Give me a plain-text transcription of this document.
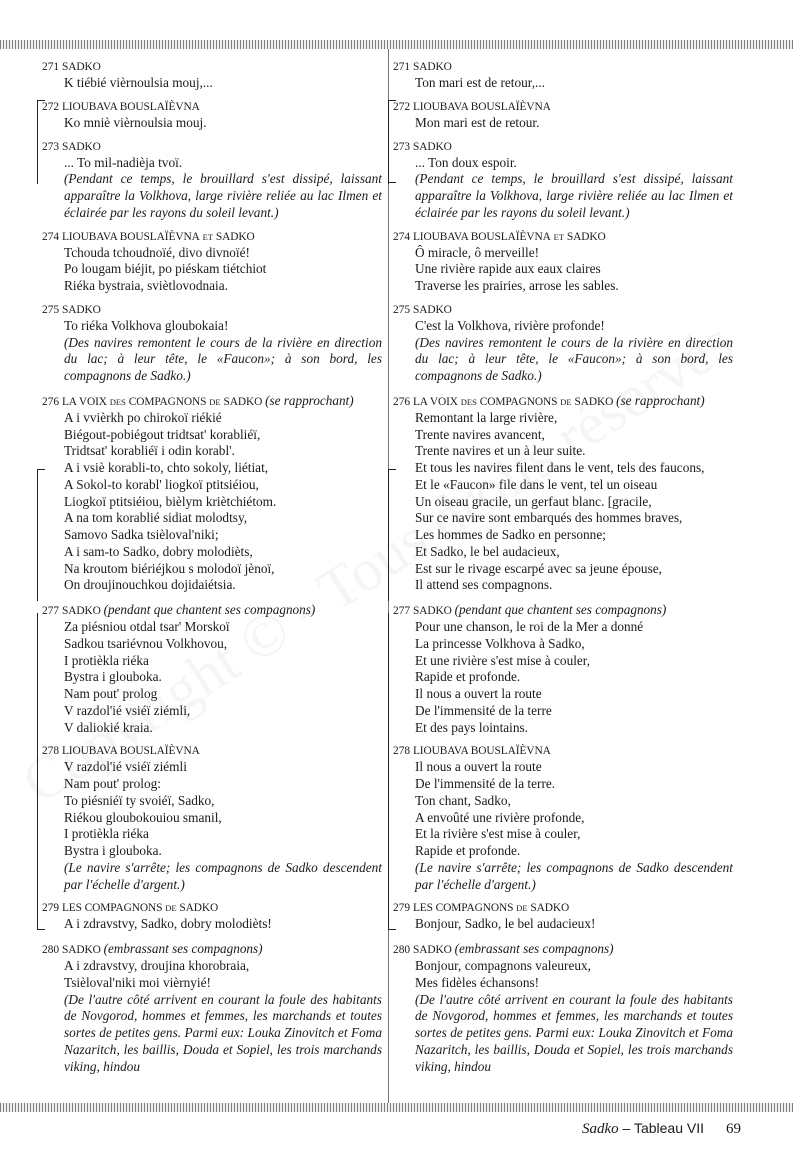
271 SADKO
K tiébié vièrnoulsia mouj,...
272 LIOUBAVA BOUSLAÏÈVNA
Ko mniè vièrnoulsia mouj.
273 SADKO
... To mil-nadièja tvoï.
(Pendant ce temps, le brouillard s'est dissipé, laissant apparaître la Volkhova, large rivière reliée au lac Ilmen et éclairée par les rayons du soleil levant.)
274 LIOUBAVA BOUSLAÏÈVNA ET SADKO
Tchouda tchoudnoïé, divo divnoïé!
Po lougam biéjit, po piéskam tiétchiot
Riéka bystraia, svièt​lovodnaia.
275 SADKO
To riéka Volkhova gloubokaia!
(Des navires remontent le cours de la rivière en direction du lac; à leur tête, le «Faucon»; à son bord, les compagnons de Sadko.)
276 LA VOIX DES COMPAGNONS DE SADKO (se rapprochant)
A i vvièrkh po chirokoï riékié
Biégout-pobiégout tridtsat' korabliéï,
Tridtsat' korabliéï i odin korabl'.
A i vsiè korabli-to, chto sokoly, liétiat,
A Sokol-to korabl' liogkoï ptitsiéiou,
Liogkoï ptitsiéiou, bièlym krièt​chiétom.
A na tom korablié sidiat molodtsy,
Samovo Sadka tsièloval'niki;
A i sam-to Sadko, dobry molodièts,
Na kroutom biériéjkou s molodoï jènoï,
On droujinouchkou dojidaiétsia.
277 SADKO (pendant que chantent ses compagnons)
Za piésniou otdal tsar' Morskoï
Sadkou tsariévnou Volkhovou,
I protièkla riéka
Bystra i glouboka.
Nam pout' prolog
V razdol'ié vsiéï ziémli,
V daliokié kraia.
278 LIOUBAVA BOUSLAÏÈVNA
V razdol'ié vsiéï ziémli
Nam pout' prolog:
To piésniéï ty svoiéï, Sadko,
Riékou gloubokouiou smanil,
I protièkla riéka
Bystra i glouboka.
(Le navire s'arrête; les compagnons de Sadko descendent par l'échelle d'argent.)
279 LES COMPAGNONS DE SADKO
A i zdravstvy, Sadko, dobry molodièts!
280 SADKO (embrassant ses compagnons)
A i zdravstvy, droujina khorobraia,
Tsièloval'niki moi vièrnyié!
(De l'autre côté arrivent en courant la foule des habitants de Novgorod, hommes et femmes, les marchands et toutes sortes de petites gens. Parmi eux: Louka Zinovitch et Foma Nazaritch, les baillis, Douda et Sopiel, les trois marchands viking, hindou
271 SADKO
Ton mari est de retour,...
272 LIOUBAVA BOUSLAÏÈVNA
Mon mari est de retour.
273 SADKO
... Ton doux espoir.
(Pendant ce temps, le brouillard s'est dissipé, laissant apparaître la Volkhova, large rivière reliée au lac Ilmen et éclairée par les rayons du soleil levant.)
274 LIOUBAVA BOUSLAÏÈVNA ET SADKO
Ô miracle, ô merveille!
Une rivière rapide aux eaux claires
Traverse les prairies, arrose les sables.
275 SADKO
C'est la Volkhova, rivière profonde!
(Des navires remontent le cours de la rivière en direction du lac; à leur tête, le «Faucon»; à son bord, les compagnons de Sadko.)
276 LA VOIX DES COMPAGNONS DE SADKO (se rapprochant)
Remontant la large rivière,
Trente navires avancent,
Trente navires et un à leur suite.
Et tous les navires filent dans le vent, tels des faucons,
Et le «Faucon» file dans le vent, tel un oiseau
Un oiseau gracile, un gerfaut blanc. [gracile,
Sur ce navire sont embarqués des hommes braves,
Les hommes de Sadko en personne;
Et Sadko, le bel audacieux,
Est sur le rivage escarpé avec sa jeune épouse,
Il attend ses compagnons.
277 SADKO (pendant que chantent ses compagnons)
Pour une chanson, le roi de la Mer a donné
La princesse Volkhova à Sadko,
Et une rivière s'est mise à couler,
Rapide et profonde.
Il nous a ouvert la route
De l'immensité de la terre
Et des pays lointains.
278 LIOUBAVA BOUSLAÏÈVNA
Il nous a ouvert la route
De l'immensité de la terre.
Ton chant, Sadko,
A envoûté une rivière profonde,
Et la rivière s'est mise à couler,
Rapide et profonde.
(Le navire s'arrête; les compagnons de Sadko descendent par l'échelle d'argent.)
279 LES COMPAGNONS DE SADKO
Bonjour, Sadko, le bel audacieux!
280 SADKO (embrassant ses compagnons)
Bonjour, compagnons valeureux,
Mes fidèles échansons!
(De l'autre côté arrivent en courant la foule des habitants de Novgorod, hommes et femmes, les marchands et toutes sortes de petites gens. Parmi eux: Louka Zinovitch et Foma Nazaritch, les baillis, Douda et Sopiel, les trois marchands viking, hindou
Sadko – Tableau VII 69
